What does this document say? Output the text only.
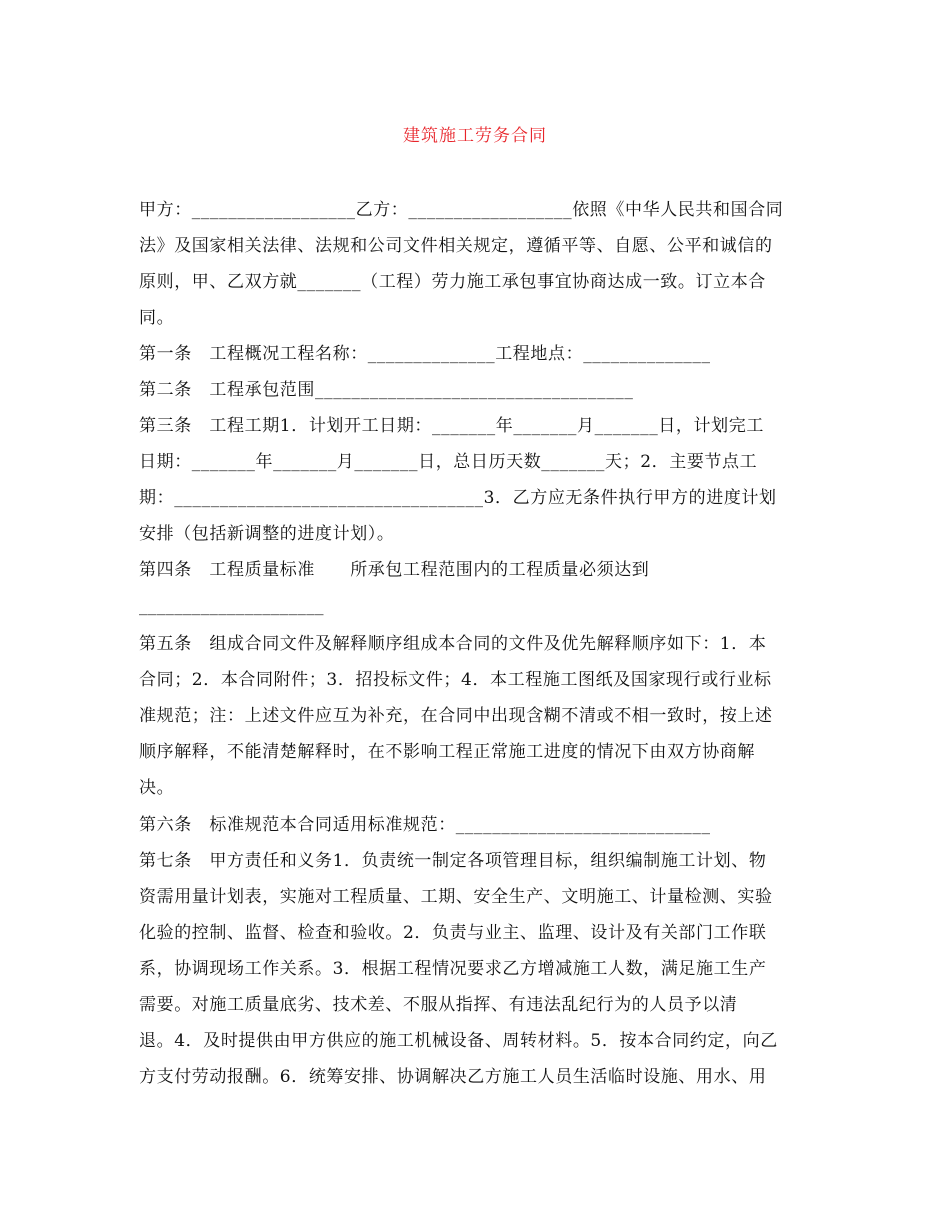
建筑施工劳务合同

甲方：__________________乙方：__________________依照《中华人民共和国合同

法》及国家相关法律、法规和公司文件相关规定，遵循平等、自愿、公平和诚信的

原则，甲、乙双方就_______（工程）劳力施工承包事宜协商达成一致。订立本合

同。

第一条　工程概况工程名称：______________工程地点：______________

第二条　工程承包范围___________________________________

第三条　工程工期1．计划开工日期：_______年_______月_______日，计划完工

日期：_______年_______月_______日，总日历天数_______天；2．主要节点工

期：__________________________________3．乙方应无条件执行甲方的进度计划

安排（包括新调整的进度计划）。

第四条　工程质量标准　　所承包工程范围内的工程质量必须达到

_____________________

第五条　组成合同文件及解释顺序组成本合同的文件及优先解释顺序如下：1．本

合同；2．本合同附件；3．招投标文件；4．本工程施工图纸及国家现行或行业标

准规范；注：上述文件应互为补充，在合同中出现含糊不清或不相一致时，按上述

顺序解释，不能清楚解释时，在不影响工程正常施工进度的情况下由双方协商解

决。

第六条　标准规范本合同适用标准规范：____________________________

第七条　甲方责任和义务1．负责统一制定各项管理目标，组织编制施工计划、物

资需用量计划表，实施对工程质量、工期、安全生产、文明施工、计量检测、实验

化验的控制、监督、检查和验收。2．负责与业主、监理、设计及有关部门工作联

系，协调现场工作关系。3．根据工程情况要求乙方增减施工人数，满足施工生产

需要。对施工质量底劣、技术差、不服从指挥、有违法乱纪行为的人员予以清

退。4．及时提供由甲方供应的施工机械设备、周转材料。5．按本合同约定，向乙

方支付劳动报酬。6．统筹安排、协调解决乙方施工人员生活临时设施、用水、用
